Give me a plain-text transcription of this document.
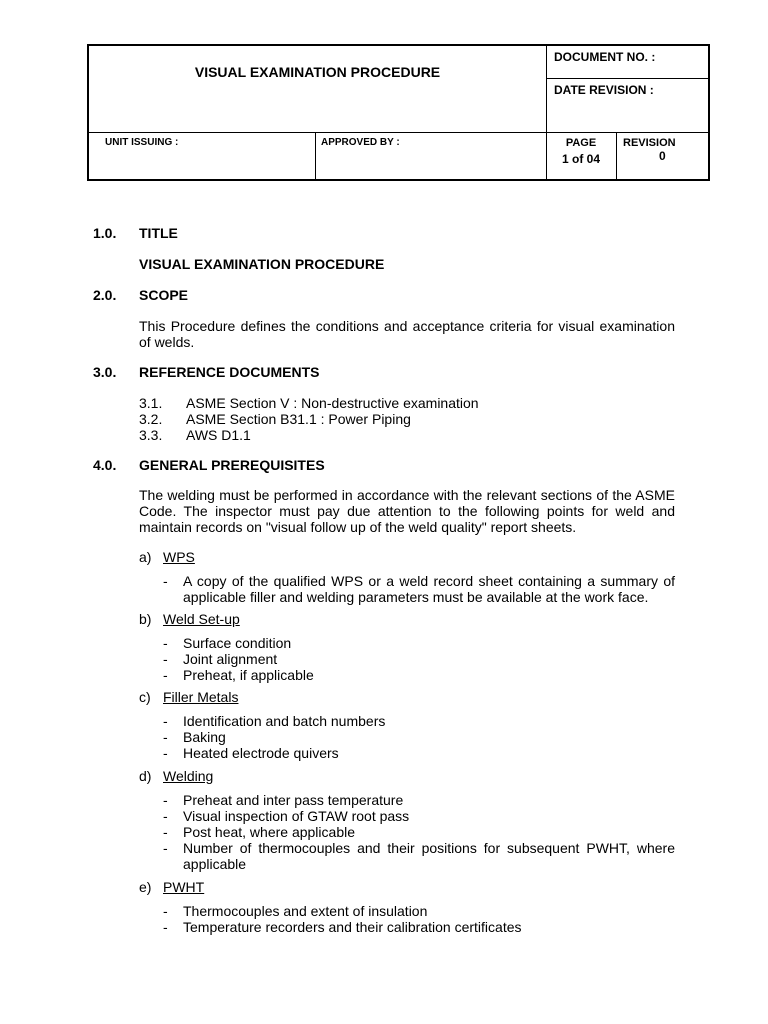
VISUAL EXAMINATION PROCEDURE
DOCUMENT NO. :
DATE REVISION :
UNIT ISSUING :	APPROVED BY :	PAGE
1 of 04
REVISION
0
1.0. TITLE
VISUAL EXAMINATION PROCEDURE
2.0. SCOPE
This Procedure defines the conditions and acceptance criteria for visual examination of welds.
3.0. REFERENCE DOCUMENTS
3.1. ASME Section V : Non-destructive examination
3.2. ASME Section B31.1 : Power Piping
3.3. AWS D1.1
4.0. GENERAL PREREQUISITES
The welding must be performed in accordance with the relevant sections of the ASME Code. The inspector must pay due attention to the following points for weld and maintain records on "visual follow up of the weld quality" report sheets.
a) WPS
- A copy of the qualified WPS or a weld record sheet containing a summary of applicable filler and welding parameters must be available at the work face.
b) Weld Set-up
- Surface condition
- Joint alignment
- Preheat, if applicable
c) Filler Metals
- Identification and batch numbers
- Baking
- Heated electrode quivers
d) Welding
- Preheat and inter pass temperature
- Visual inspection of GTAW root pass
- Post heat, where applicable
- Number of thermocouples and their positions for subsequent PWHT, where applicable
e) PWHT
- Thermocouples and extent of insulation
- Temperature recorders and their calibration certificates
